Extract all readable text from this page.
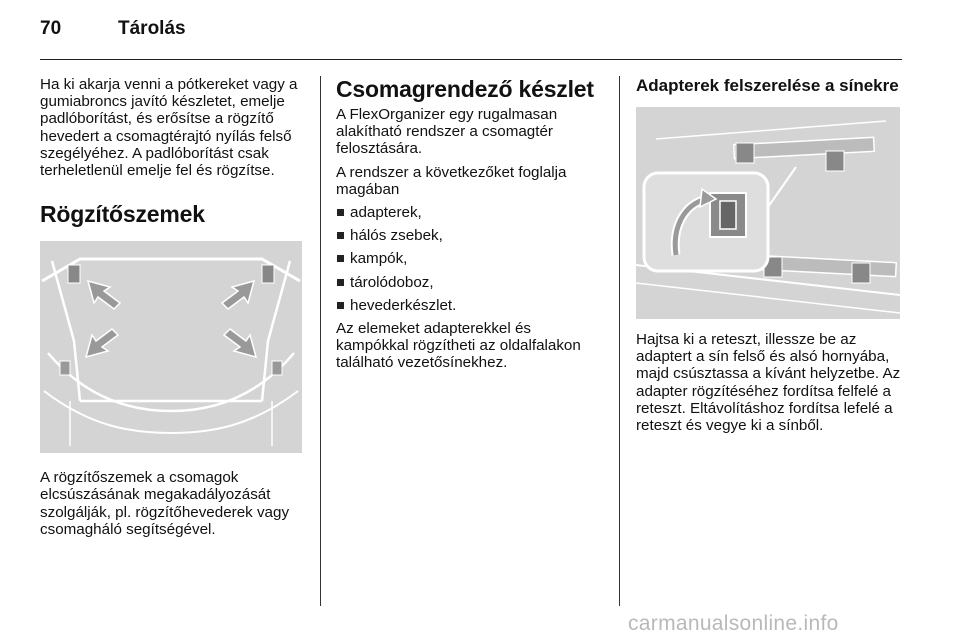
70	Tárolás

Ha ki akarja venni a pótkereket vagy a gumiabroncs javító készletet, emelje padlóborítást, és erősítse a rögzítő hevedert a csomagtérajtó nyílás felső szegélyéhez. A padlóborítást csak terheletlenül emelje fel és rögzítse.

Rögzítőszemek

A rögzítőszemek a csomagok elcsúszásának megakadályozását szolgálják, pl. rögzítőhevederek vagy csomagháló segítségével.

Csomagrendező készlet

A FlexOrganizer egy rugalmasan alakítható rendszer a csomagtér felosztására.

A rendszer a következőket foglalja magában

adapterek,
hálós zsebek,
kampók,
tárolódoboz,
hevederkészlet.

Az elemeket adapterekkel és kampókkal rögzítheti az oldalfalakon található vezetősínekhez.

Adapterek felszerelése a sínekre

Hajtsa ki a reteszt, illessze be az adaptert a sín felső és alsó hornyába, majd csúsztassa a kívánt helyzetbe. Az adapter rögzítéséhez fordítsa felfelé a reteszt. Eltávolításhoz fordítsa lefelé a reteszt és vegye ki a sínből.

carmanualsonline.info
